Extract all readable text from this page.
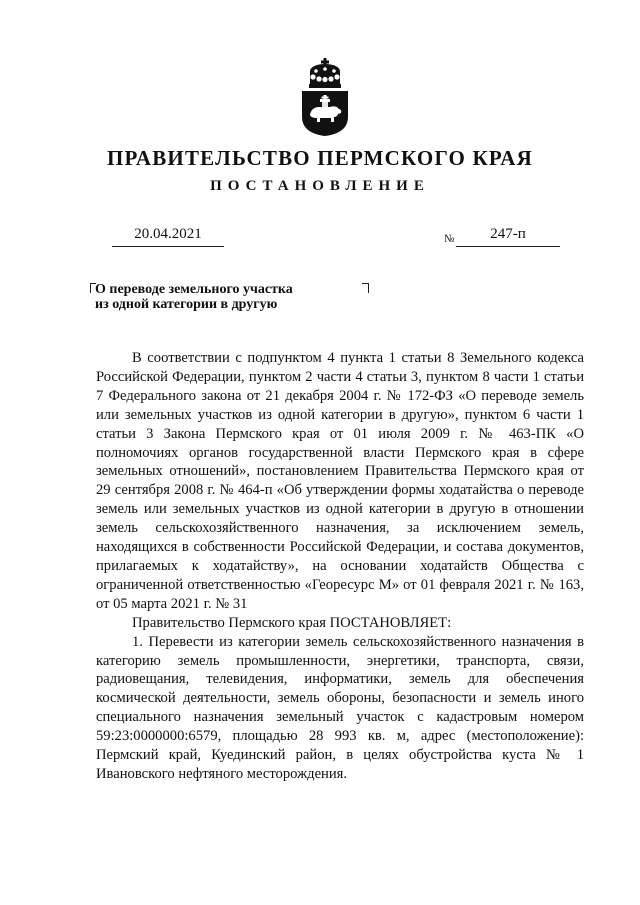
ПРАВИТЕЛЬСТВО ПЕРМСКОГО КРАЯ
ПОСТАНОВЛЕНИЕ
20.04.2021	№	247-п
О переводе земельного участка
из одной категории в другую

В соответствии с подпунктом 4 пункта 1 статьи 8 Земельного кодекса Российской Федерации, пунктом 2 части 4 статьи 3, пунктом 8 части 1 статьи 7 Федерального закона от 21 декабря 2004 г. № 172-ФЗ «О переводе земель или земельных участков из одной категории в другую», пунктом 6 части 1 статьи 3 Закона Пермского края от 01 июля 2009 г. № 463-ПК «О полномочиях органов государственной власти Пермского края в сфере земельных отношений», постановлением Правительства Пермского края от 29 сентября 2008 г. № 464-п «Об утверждении формы ходатайства о переводе земель или земельных участков из одной категории в другую в отношении земель сельскохозяйственного назначения, за исключением земель, находящихся в собственности Российской Федерации, и состава документов, прилагаемых к ходатайству», на основании ходатайств Общества с ограниченной ответственностью «Георесурс М» от 01 февраля 2021 г. № 163, от 05 марта 2021 г. № 31

Правительство Пермского края ПОСТАНОВЛЯЕТ:

1. Перевести из категории земель сельскохозяйственного назначения в категорию земель промышленности, энергетики, транспорта, связи, радиовещания, телевидения, информатики, земель для обеспечения космической деятельности, земель обороны, безопасности и земель иного специального назначения земельный участок с кадастровым номером 59:23:0000000:6579, площадью 28 993 кв. м, адрес (местоположение): Пермский край, Куединский район, в целях обустройства куста № 1 Ивановского нефтяного месторождения.
